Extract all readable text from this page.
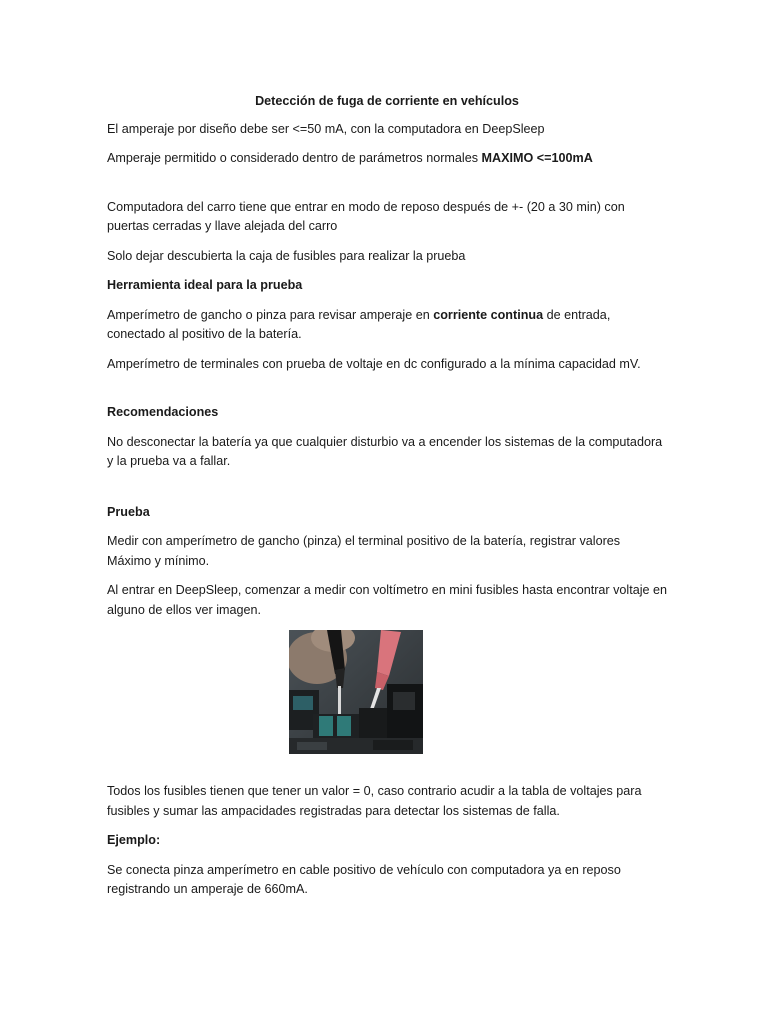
Detección de fuga de corriente en vehículos

El amperaje por diseño debe ser <=50 mA, con la computadora en DeepSleep

Amperaje permitido o considerado dentro de parámetros normales MAXIMO <=100mA

Computadora del carro tiene que entrar en modo de reposo después de +- (20 a 30 min) con puertas cerradas y llave alejada del carro

Solo dejar descubierta la caja de fusibles para realizar la prueba

Herramienta ideal para la prueba

Amperímetro de gancho o pinza para revisar amperaje en corriente continua de entrada, conectado al positivo de la batería.

Amperímetro de terminales con prueba de voltaje en dc configurado a la mínima capacidad mV.

Recomendaciones

No desconectar la batería ya que cualquier disturbio va a encender los sistemas de la computadora y la prueba va a fallar.

Prueba

Medir con amperímetro de gancho (pinza) el terminal positivo de la batería, registrar valores Máximo y mínimo.

Al entrar en DeepSleep, comenzar a medir con voltímetro en mini fusibles hasta encontrar voltaje en alguno de ellos ver imagen.

Todos los fusibles tienen que tener un valor = 0, caso contrario acudir a la tabla de voltajes para fusibles y sumar las ampacidades registradas para detectar los sistemas de falla.

Ejemplo:

Se conecta pinza amperímetro en cable positivo de vehículo con computadora ya en reposo registrando un amperaje de 660mA.
